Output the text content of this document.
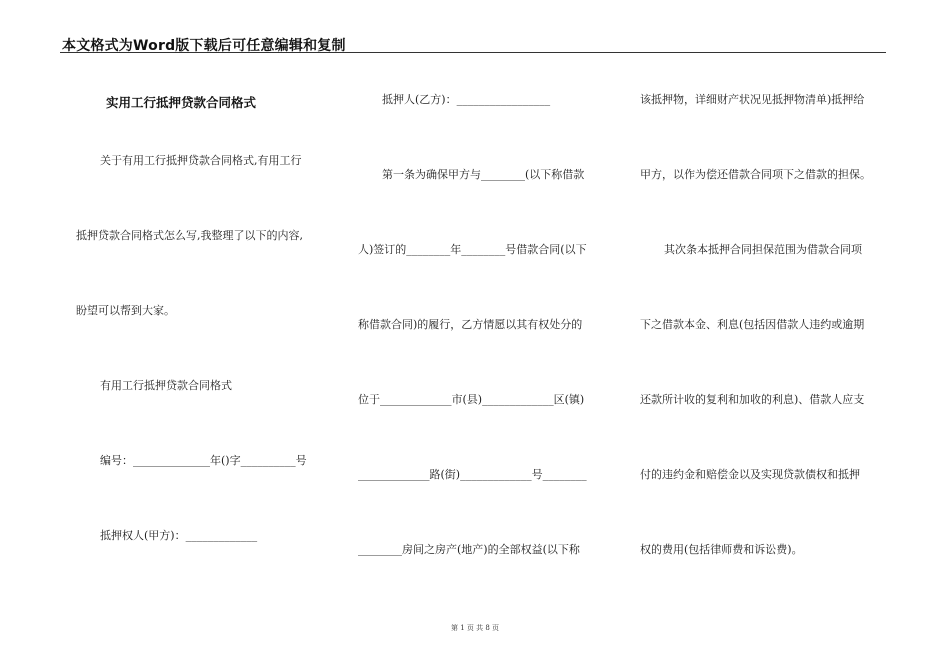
本文格式为Word版下载后可任意编辑和复制
实用工行抵押贷款合同格式
关于有用工行抵押贷款合同格式,有用工行
抵押贷款合同格式怎么写,我整理了以下的内容,
盼望可以帮到大家。
有用工行抵押贷款合同格式
编号：______________年()字__________号
抵押权人(甲方)：_____________
抵押人(乙方)：_________________
第一条为确保甲方与________(以下称借款
人)签订的________年________号借款合同(以下
称借款合同)的履行，乙方情愿以其有权处分的
位于_____________市(县)_____________区(镇)
_____________路(街)_____________号________
________房间之房产(地产)的全部权益(以下称
该抵押物，详细财产状况见抵押物清单)抵押给
甲方，以作为偿还借款合同项下之借款的担保。
其次条本抵押合同担保范围为借款合同项
下之借款本金、利息(包括因借款人违约或逾期
还款所计收的复利和加收的利息)、借款人应支
付的违约金和赔偿金以及实现贷款债权和抵押
权的费用(包括律师费和诉讼费)。
第 1 页 共 8 页
